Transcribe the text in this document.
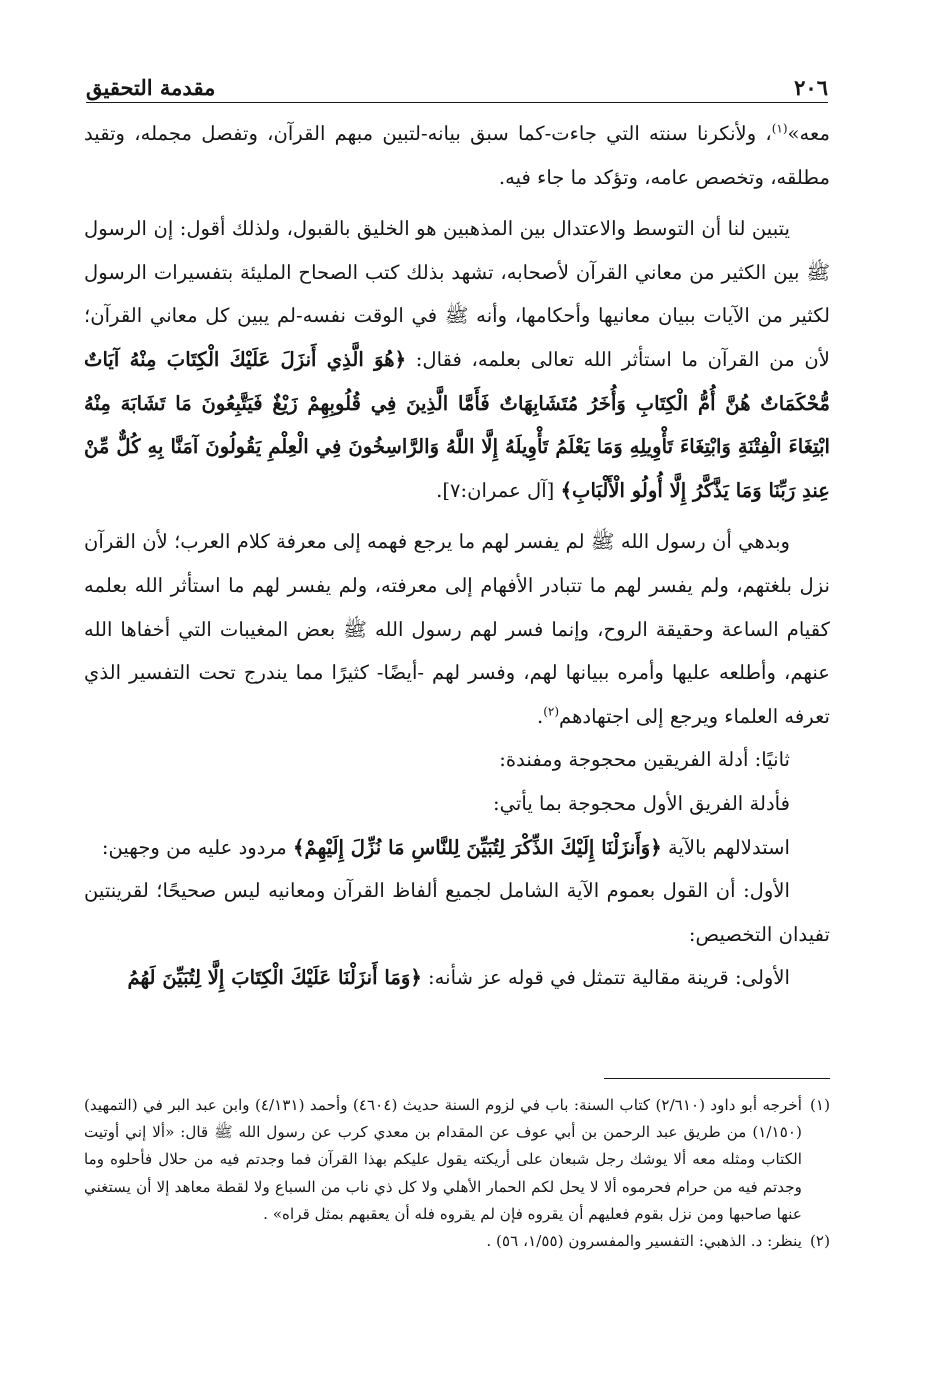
٢٠٦
مقدمة التحقيق

معه»$^{(١)}$، ولأنكرنا سنته التي جاءت-كما سبق بيانه-لتبين مبهم القرآن، وتفصل مجمله، وتقيد مطلقه، وتخصص عامه، وتؤكد ما جاء فيه.

يتبين لنا أن التوسط والاعتدال بين المذهبين هو الخليق بالقبول، ولذلك أقول: إن الرسول ﷺ بين الكثير من معاني القرآن لأصحابه، تشهد بذلك كتب الصحاح المليئة بتفسيرات الرسول لكثير من الآيات ببيان معانيها وأحكامها، وأنه ﷺ في الوقت نفسه-لم يبين كل معاني القرآن؛ لأن من القرآن ما استأثر الله تعالى بعلمه، فقال: ﴿هُوَ الَّذِي أَنزَلَ عَلَيْكَ الْكِتَابَ مِنْهُ آيَاتٌ مُّحْكَمَاتٌ هُنَّ أُمُّ الْكِتَابِ وَأُخَرُ مُتَشَابِهَاتٌ فَأَمَّا الَّذِينَ فِي قُلُوبِهِمْ زَيْغٌ فَيَتَّبِعُونَ مَا تَشَابَهَ مِنْهُ ابْتِغَاءَ الْفِتْنَةِ وَابْتِغَاءَ تَأْوِيلِهِ وَمَا يَعْلَمُ تَأْوِيلَهُ إِلَّا اللَّهُ وَالرَّاسِخُونَ فِي الْعِلْمِ يَقُولُونَ آمَنَّا بِهِ كُلٌّ مِّنْ عِندِ رَبِّنَا وَمَا يَذَّكَّرُ إِلَّا أُولُو الْأَلْبَابِ﴾ [آل عمران:٧].

وبدهي أن رسول الله ﷺ لم يفسر لهم ما يرجع فهمه إلى معرفة كلام العرب؛ لأن القرآن نزل بلغتهم، ولم يفسر لهم ما تتبادر الأفهام إلى معرفته، ولم يفسر لهم ما استأثر الله بعلمه كقيام الساعة وحقيقة الروح، وإنما فسر لهم رسول الله ﷺ بعض المغيبات التي أخفاها الله عنهم، وأطلعه عليها وأمره ببيانها لهم، وفسر لهم -أيضًا- كثيرًا مما يندرج تحت التفسير الذي تعرفه العلماء ويرجع إلى اجتهادهم$^{(٢)}$.

ثانيًا: أدلة الفريقين محجوجة ومفندة:

فأدلة الفريق الأول محجوجة بما يأتي:

استدلالهم بالآية ﴿وَأَنزَلْنَا إِلَيْكَ الذِّكْرَ لِتُبَيِّنَ لِلنَّاسِ مَا نُزِّلَ إِلَيْهِمْ﴾ مردود عليه من وجهين:

الأول: أن القول بعموم الآية الشامل لجميع ألفاظ القرآن ومعانيه ليس صحيحًا؛ لقرينتين تفيدان التخصيص:

الأولى: قرينة مقالية تتمثل في قوله عز شأنه: ﴿وَمَا أَنزَلْنَا عَلَيْكَ الْكِتَابَ إِلَّا لِتُبَيِّنَ لَهُمُ

(١)
أخرجه أبو داود (٢/٦١٠) كتاب السنة: باب في لزوم السنة حديث (٤٦٠٤) وأحمد (٤/١٣١) وابن عبد البر في (التمهيد) (١/١٥٠) من طريق عبد الرحمن بن أبي عوف عن المقدام بن معدي كرب عن رسول الله ﷺ قال: «ألا إني أوتيت الكتاب ومثله معه ألا يوشك رجل شبعان على أريكته يقول عليكم بهذا القرآن فما وجدتم فيه من حلال فأحلوه وما وجدتم فيه من حرام فحرموه ألا لا يحل لكم الحمار الأهلي ولا كل ذي ناب من السباع ولا لقطة معاهد إلا أن يستغني عنها صاحبها ومن نزل بقوم فعليهم أن يقروه فإن لم يقروه فله أن يعقبهم بمثل قراه» .

(٢)
ينظر: د. الذهبي: التفسير والمفسرون (١/٥٥، ٥٦) .
